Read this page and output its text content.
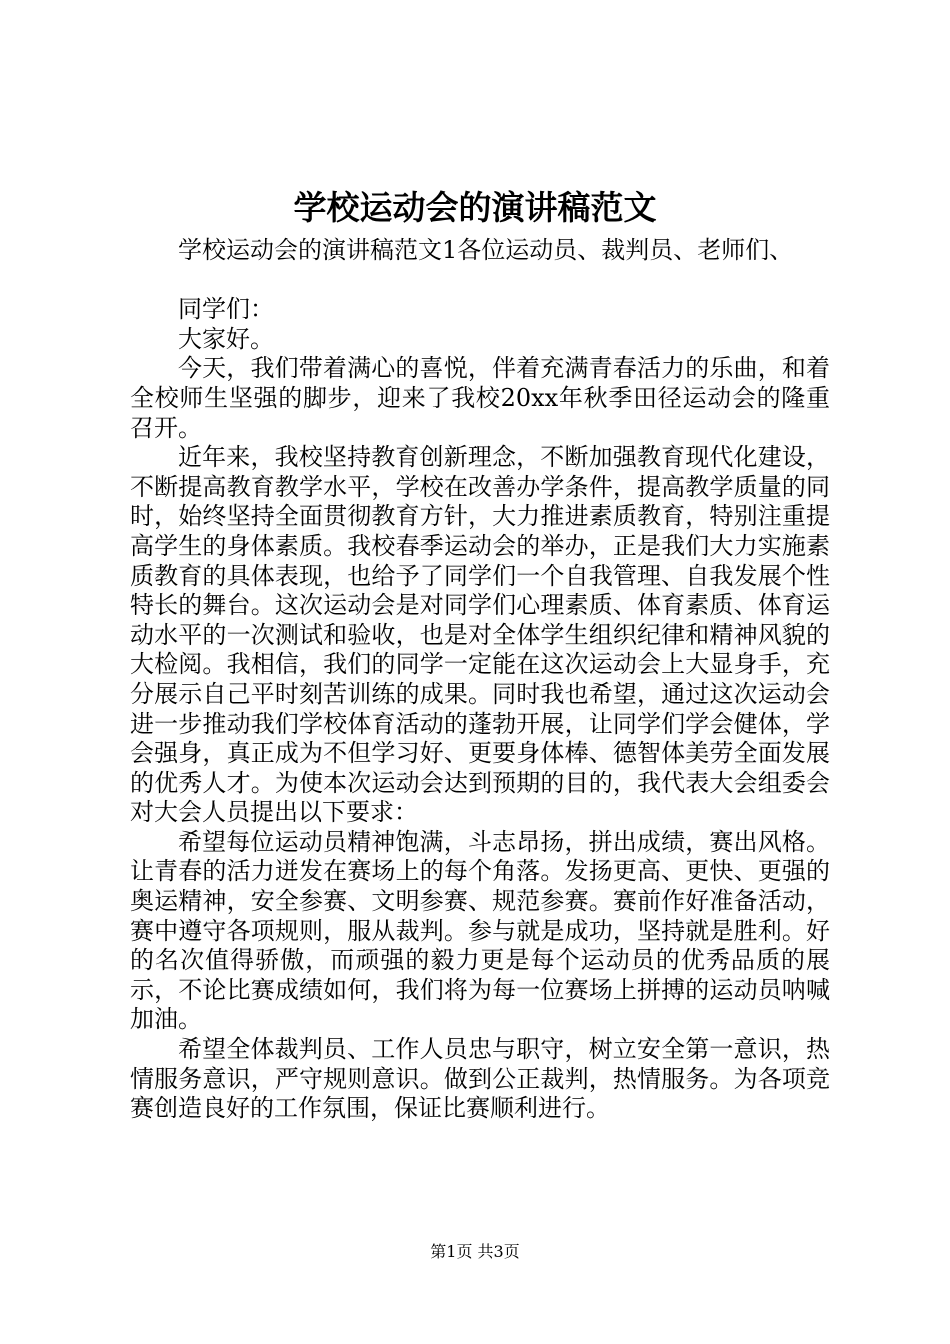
学校运动会的演讲稿范文

学校运动会的演讲稿范文1各位运动员、裁判员、老师们、

同学们：

大家好。

今天，我们带着满心的喜悦，伴着充满青春活力的乐曲，和着全校师生坚强的脚步，迎来了我校20xx年秋季田径运动会的隆重召开。

近年来，我校坚持教育创新理念，不断加强教育现代化建设，不断提高教育教学水平，学校在改善办学条件，提高教学质量的同时，始终坚持全面贯彻教育方针，大力推进素质教育，特别注重提高学生的身体素质。我校春季运动会的举办，正是我们大力实施素质教育的具体表现，也给予了同学们一个自我管理、自我发展个性特长的舞台。这次运动会是对同学们心理素质、体育素质、体育运动水平的一次测试和验收，也是对全体学生组织纪律和精神风貌的大检阅。我相信，我们的同学一定能在这次运动会上大显身手，充分展示自己平时刻苦训练的成果。同时我也希望，通过这次运动会进一步推动我们学校体育活动的蓬勃开展，让同学们学会健体，学会强身，真正成为不但学习好、更要身体棒、德智体美劳全面发展的优秀人才。为使本次运动会达到预期的目的，我代表大会组委会对大会人员提出以下要求：

希望每位运动员精神饱满，斗志昂扬，拼出成绩，赛出风格。让青春的活力迸发在赛场上的每个角落。发扬更高、更快、更强的奥运精神，安全参赛、文明参赛、规范参赛。赛前作好准备活动，赛中遵守各项规则，服从裁判。参与就是成功，坚持就是胜利。好的名次值得骄傲，而顽强的毅力更是每个运动员的优秀品质的展示，不论比赛成绩如何，我们将为每一位赛场上拼搏的运动员呐喊加油。

希望全体裁判员、工作人员忠与职守，树立安全第一意识，热情服务意识，严守规则意识。做到公正裁判，热情服务。为各项竞赛创造良好的工作氛围，保证比赛顺利进行。

第1页 共3页
